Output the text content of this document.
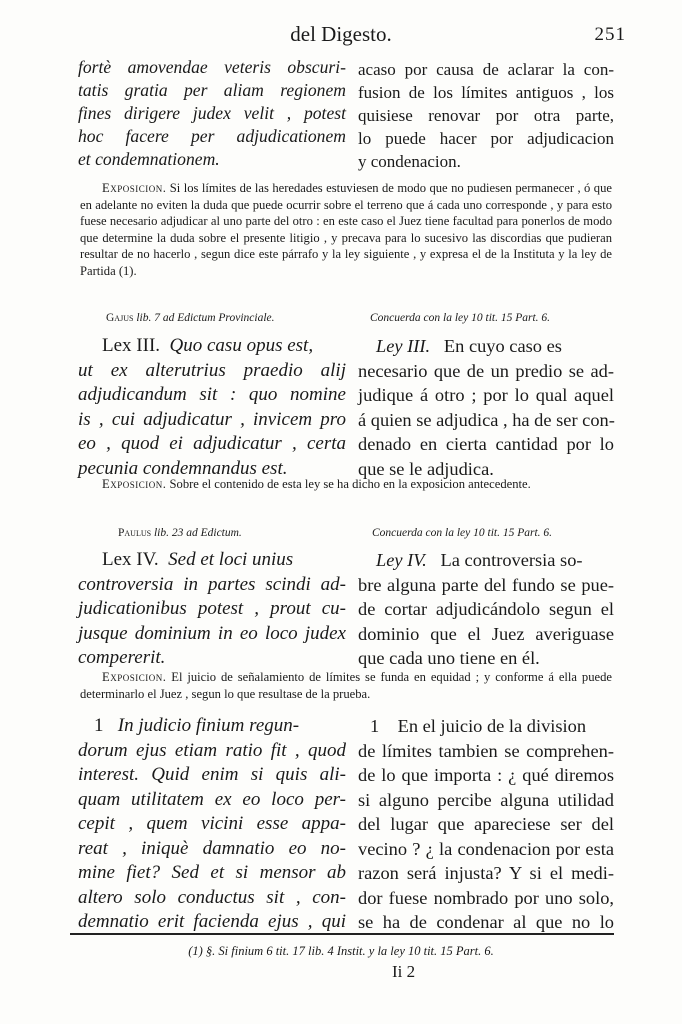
del Digesto.	251
fortè amovendae veteris obscuri-
tatis gratia per aliam regionem
fines dirigere judex velit , potest
hoc facere per adjudicationem
et condemnationem.
acaso por causa de aclarar la con-
fusion de los límites antiguos , los
quisiese renovar por otra parte,
lo puede hacer por adjudicacion
y condenacion.
Exposicion. Si los límites de las heredades estuviesen de modo que no pudiesen permanecer , ó que en adelante no eviten la duda que puede ocurrir sobre el terreno que á cada uno corresponde , y para esto fuese necesario adjudicar al uno parte del otro : en este caso el Juez tiene facultad para ponerlos de modo que determine la duda sobre el presente litigio , y precava para lo sucesivo las discordias que pudieran resultar de no hacerlo , segun dice este párrafo y la ley siguiente , y expresa el de la Instituta y la ley de Partida (1).
Gajus lib. 7 ad Edictum Provinciale.	Concuerda con la ley 10 tit. 15 Part. 6.
Lex III. Quo casu opus est,
ut ex alterutrius praedio alij
adjudicandum sit : quo nomine
is , cui adjudicatur , invicem pro
eo , quod ei adjudicatur , certa
pecunia condemnandus est.
Ley III. En cuyo caso es
necesario que de un predio se ad-
judique á otro ; por lo qual aquel
á quien se adjudica , ha de ser con-
denado en cierta cantidad por lo
que se le adjudica.
Exposicion. Sobre el contenido de esta ley se ha dicho en la exposicion antecedente.
Paulus lib. 23 ad Edictum.	Concuerda con la ley 10 tit. 15 Part. 6.
Lex IV. Sed et loci unius
controversia in partes scindi ad-
judicationibus potest , prout cu-
jusque dominium in eo loco judex
compererit.
Ley IV. La controversia so-
bre alguna parte del fundo se pue-
de cortar adjudicándolo segun el
dominio que el Juez averiguase
que cada uno tiene en él.
Exposicion. El juicio de señalamiento de límites se funda en equidad ; y conforme á ella puede determinarlo el Juez , segun lo que resultase de la prueba.
1 In judicio finium regun-
dorum ejus etiam ratio fit , quod
interest. Quid enim si quis ali-
quam utilitatem ex eo loco per-
cepit , quem vicini esse appa-
reat , iniquè damnatio eo no-
mine fiet? Sed et si mensor ab
altero solo conductus sit , con-
demnatio erit facienda ejus , qui
1 En el juicio de la division
de límites tambien se comprehen-
de lo que importa : ¿ qué diremos
si alguno percibe alguna utilidad
del lugar que apareciese ser del
vecino ? ¿ la condenacion por esta
razon será injusta? Y si el medi-
dor fuese nombrado por uno solo,
se ha de condenar al que no lo
(1) §. Si finium 6 tit. 17 lib. 4 Instit. y la ley 10 tit. 15 Part. 6.
Ii 2
